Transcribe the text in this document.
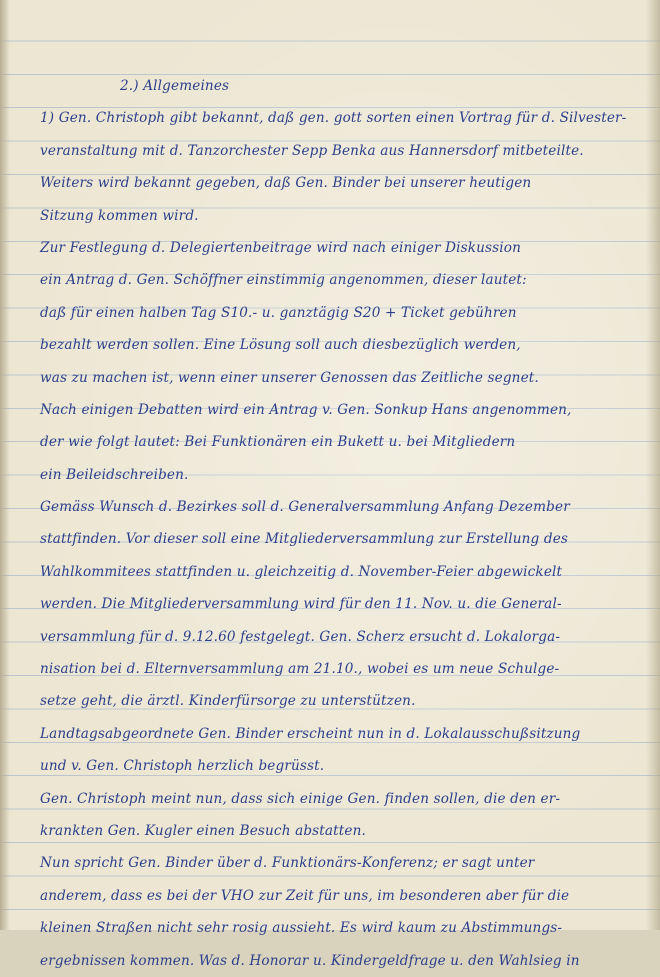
2.) Allgemeines
1) Gen. Christoph gibt bekannt, daß gen. gott sorten einen Vortrag für d. Silvester-
veranstaltung mit d. Tanzorchester Sepp Benka aus Hannersdorf mitbeteilte.
Weiters wird bekannt gegeben, daß Gen. Binder bei unserer heutigen
Sitzung kommen wird.
Zur Festlegung d. Delegiertenbeitrage wird nach einiger Diskussion
ein Antrag d. Gen. Schöffner einstimmig angenommen, dieser lautet:
daß für einen halben Tag S10.- u. ganztägig S20 + Ticket gebühren
bezahlt werden sollen. Eine Lösung soll auch diesbezüglich werden,
was zu machen ist, wenn einer unserer Genossen das Zeitliche segnet.
Nach einigen Debatten wird ein Antrag v. Gen. Sonkup Hans angenommen,
der wie folgt lautet: Bei Funktionären ein Bukett u. bei Mitgliedern
ein Beileidschreiben.
Gemäss Wunsch d. Bezirkes soll d. Generalversammlung Anfang Dezember
stattfinden. Vor dieser soll eine Mitgliederversammlung zur Erstellung des
Wahlkommitees stattfinden u. gleichzeitig d. November-Feier abgewickelt
werden. Die Mitgliederversammlung wird für den 11. Nov. u. die General-
versammlung für d. 9.12.60 festgelegt. Gen. Scherz ersucht d. Lokalorga-
nisation bei d. Elternversammlung am 21.10., wobei es um neue Schulge-
setze geht, die ärztl. Kinderfürsorge zu unterstützen.
Landtagsabgeordnete Gen. Binder erscheint nun in d. Lokalausschußsitzung
und v. Gen. Christoph herzlich begrüsst.
Gen. Christoph meint nun, dass sich einige Gen. finden sollen, die den er-
krankten Gen. Kugler einen Besuch abstatten.
Nun spricht Gen. Binder über d. Funktionärs-Konferenz; er sagt unter
anderem, dass es bei der VHO zur Zeit für uns, im besonderen aber für die
kleinen Straßen nicht sehr rosig aussieht. Es wird kaum zu Abstimmungs-
ergebnissen kommen. Was d. Honorar u. Kindergeldfrage u. den Wahlsieg in
